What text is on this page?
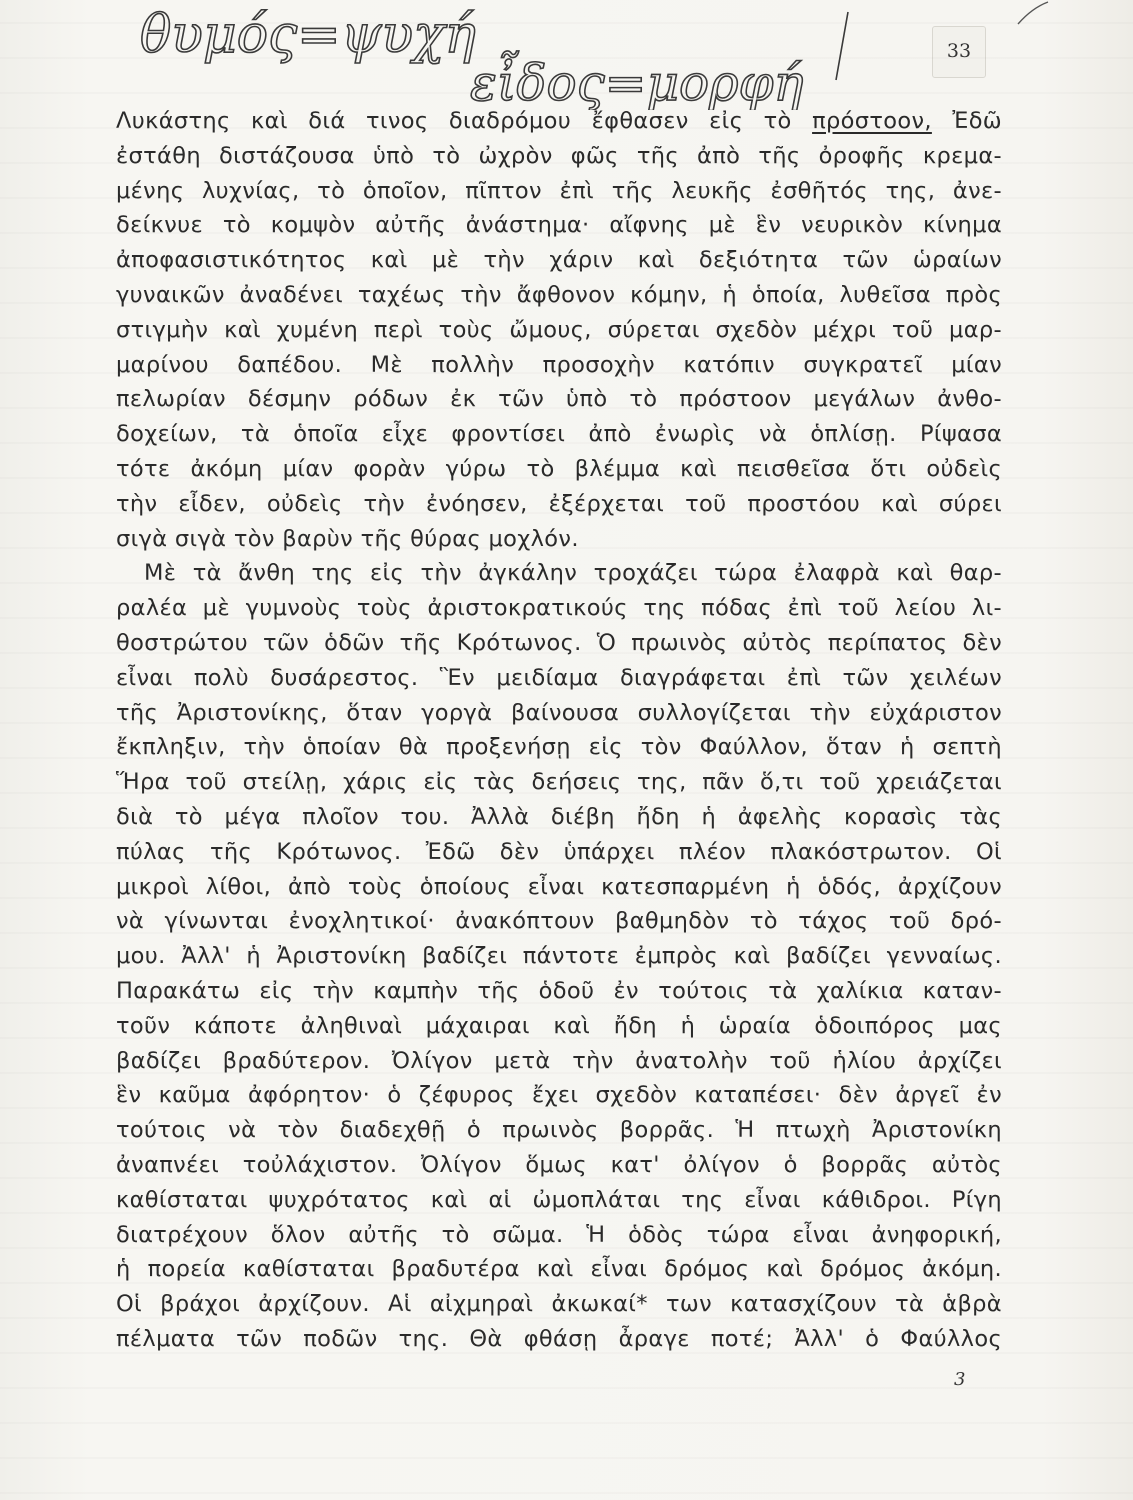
θυμός=ψυχή
εἶδος=μορφή
33
Λυκάστης καὶ διά τινος διαδρόμου ἔφθασεν εἰς τὸ πρόστοον, Ἐδῶ
ἐστάθη διστάζουσα ὑπὸ τὸ ὠχρὸν φῶς τῆς ἀπὸ τῆς ὀροφῆς κρεμα-
μένης λυχνίας, τὸ ὁποῖον, πῖπτον ἐπὶ τῆς λευκῆς ἐσθῆτός της, ἀνε-
δείκνυε τὸ κομψὸν αὐτῆς ἀνάστημα· αἴφνης μὲ ἓν νευρικὸν κίνημα
ἀποφασιστικότητος καὶ μὲ τὴν χάριν καὶ δεξιότητα τῶν ὡραίων
γυναικῶν ἀναδένει ταχέως τὴν ἄφθονον κόμην, ἡ ὁποία, λυθεῖσα πρὸς
στιγμὴν καὶ χυμένη περὶ τοὺς ὤμους, σύρεται σχεδὸν μέχρι τοῦ μαρ-
μαρίνου δαπέδου. Μὲ πολλὴν προσοχὴν κατόπιν συγκρατεῖ μίαν
πελωρίαν δέσμην ρόδων ἐκ τῶν ὑπὸ τὸ πρόστοον μεγάλων ἀνθο-
δοχείων, τὰ ὁποῖα εἶχε φροντίσει ἀπὸ ἐνωρὶς νὰ ὁπλίσῃ. Ρίψασα
τότε ἀκόμη μίαν φορὰν γύρω τὸ βλέμμα καὶ πεισθεῖσα ὅτι οὐδεὶς
τὴν εἶδεν, οὐδεὶς τὴν ἐνόησεν, ἐξέρχεται τοῦ προστόου καὶ σύρει
σιγὰ σιγὰ τὸν βαρὺν τῆς θύρας μοχλόν.
Μὲ τὰ ἄνθη της εἰς τὴν ἀγκάλην τροχάζει τώρα ἐλαφρὰ καὶ θαρ-
ραλέα μὲ γυμνοὺς τοὺς ἀριστοκρατικούς της πόδας ἐπὶ τοῦ λείου λι-
θοστρώτου τῶν ὁδῶν τῆς Κρότωνος. Ὁ πρωινὸς αὐτὸς περίπατος δὲν
εἶναι πολὺ δυσάρεστος. Ἓν μειδίαμα διαγράφεται ἐπὶ τῶν χειλέων
τῆς Ἀριστονίκης, ὅταν γοργὰ βαίνουσα συλλογίζεται τὴν εὐχάριστον
ἔκπληξιν, τὴν ὁποίαν θὰ προξενήσῃ εἰς τὸν Φαύλλον, ὅταν ἡ σεπτὴ
Ἥρα τοῦ στείλῃ, χάρις εἰς τὰς δεήσεις της, πᾶν ὅ,τι τοῦ χρειάζεται
διὰ τὸ μέγα πλοῖον του. Ἀλλὰ διέβη ἤδη ἡ ἀφελὴς κορασὶς τὰς
πύλας τῆς Κρότωνος. Ἐδῶ δὲν ὑπάρχει πλέον πλακόστρωτον. Οἱ
μικροὶ λίθοι, ἀπὸ τοὺς ὁποίους εἶναι κατεσπαρμένη ἡ ὁδός, ἀρχίζουν
νὰ γίνωνται ἐνοχλητικοί· ἀνακόπτουν βαθμηδὸν τὸ τάχος τοῦ δρό-
μου. Ἀλλ' ἡ Ἀριστονίκη βαδίζει πάντοτε ἐμπρὸς καὶ βαδίζει γενναίως.
Παρακάτω εἰς τὴν καμπὴν τῆς ὁδοῦ ἐν τούτοις τὰ χαλίκια καταν-
τοῦν κάποτε ἀληθιναὶ μάχαιραι καὶ ἤδη ἡ ὡραία ὁδοιπόρος μας
βαδίζει βραδύτερον. Ὀλίγον μετὰ τὴν ἀνατολὴν τοῦ ἡλίου ἀρχίζει
ἓν καῦμα ἀφόρητον· ὁ ζέφυρος ἔχει σχεδὸν καταπέσει· δὲν ἀργεῖ ἐν
τούτοις νὰ τὸν διαδεχθῇ ὁ πρωινὸς βορρᾶς. Ἡ πτωχὴ Ἀριστονίκη
ἀναπνέει τοὐλάχιστον. Ὀλίγον ὅμως κατ' ὀλίγον ὁ βορρᾶς αὐτὸς
καθίσταται ψυχρότατος καὶ αἱ ὠμοπλάται της εἶναι κάθιδροι. Ρίγη
διατρέχουν ὅλον αὐτῆς τὸ σῶμα. Ἡ ὁδὸς τώρα εἶναι ἀνηφορική,
ἡ πορεία καθίσταται βραδυτέρα καὶ εἶναι δρόμος καὶ δρόμος ἀκόμη.
Οἱ βράχοι ἀρχίζουν. Αἱ αἰχμηραὶ ἀκωκαί* των κατασχίζουν τὰ ἁβρὰ
πέλματα τῶν ποδῶν της. Θὰ φθάσῃ ἆραγε ποτέ; Ἀλλ' ὁ Φαύλλος
3
